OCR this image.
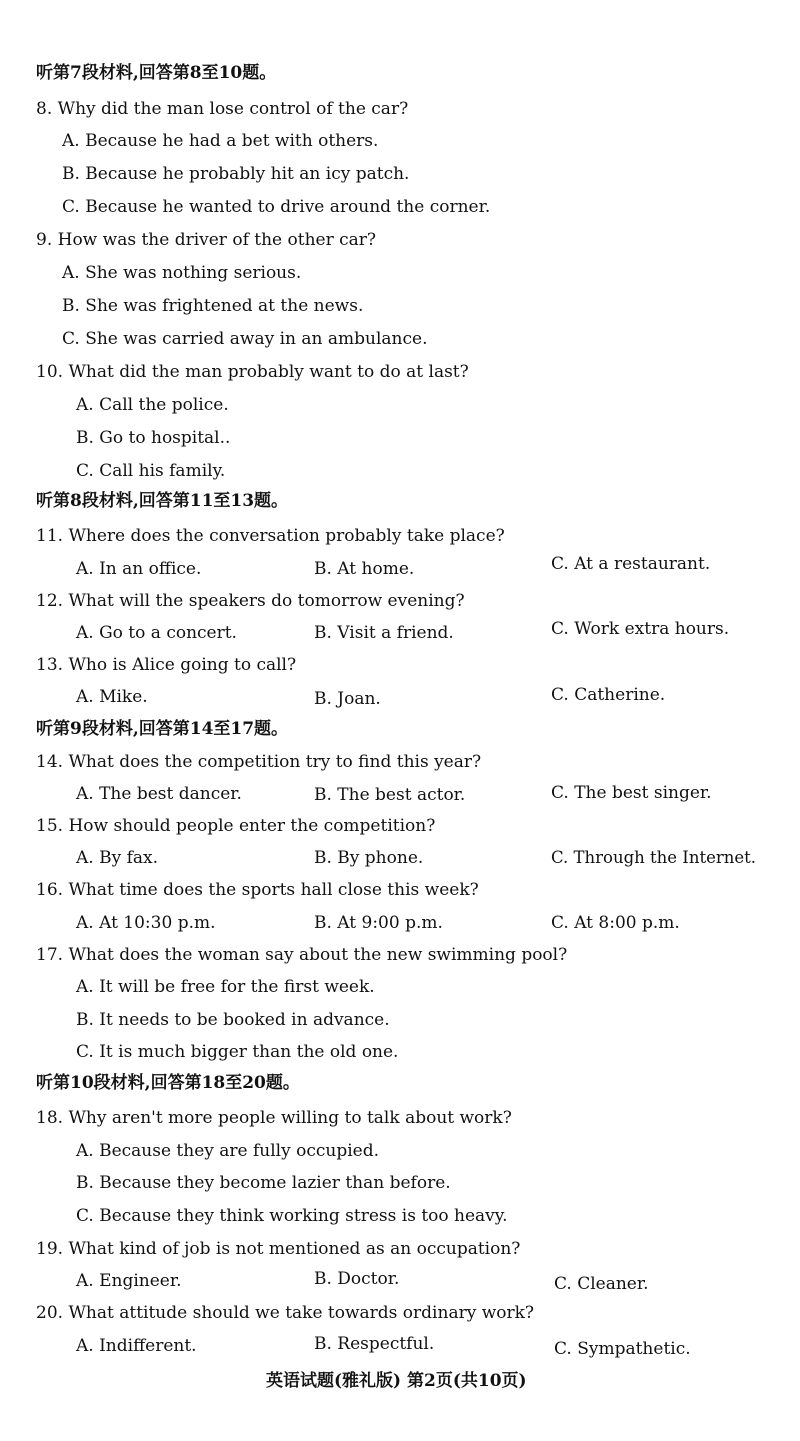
听第7段材料,回答第8至10题。
8. Why did the man lose control of the car?
A. Because he had a bet with others.
B. Because he probably hit an icy patch.
C. Because he wanted to drive around the corner.
9. How was the driver of the other car?
A. She was nothing serious.
B. She was frightened at the news.
C. She was carried away in an ambulance.
10. What did the man probably want to do at last?
A. Call the police.
B. Go to hospital..
C. Call his family.
听第8段材料,回答第11至13题。
11. Where does the conversation probably take place?
A. In an office.	B. At home.	C. At a restaurant.
12. What will the speakers do tomorrow evening?
A. Go to a concert.	B. Visit a friend.	C. Work extra hours.
13. Who is Alice going to call?
A. Mike.	B. Joan.	C. Catherine.
听第9段材料,回答第14至17题。
14. What does the competition try to find this year?
A. The best dancer.	B. The best actor.	C. The best singer.
15. How should people enter the competition?
A. By fax.	B. By phone.	C. Through the Internet.
16. What time does the sports hall close this week?
A. At 10:30 p.m.	B. At 9:00 p.m.	C. At 8:00 p.m.
17. What does the woman say about the new swimming pool?
A. It will be free for the first week.
B. It needs to be booked in advance.
C. It is much bigger than the old one.
听第10段材料,回答第18至20题。
18. Why aren't more people willing to talk about work?
A. Because they are fully occupied.
B. Because they become lazier than before.
C. Because they think working stress is too heavy.
19. What kind of job is not mentioned as an occupation?
A. Engineer.	B. Doctor.	C. Cleaner.
20. What attitude should we take towards ordinary work?
A. Indifferent.	B. Respectful.	C. Sympathetic.
英语试题(雅礼版) 第2页(共10页)
